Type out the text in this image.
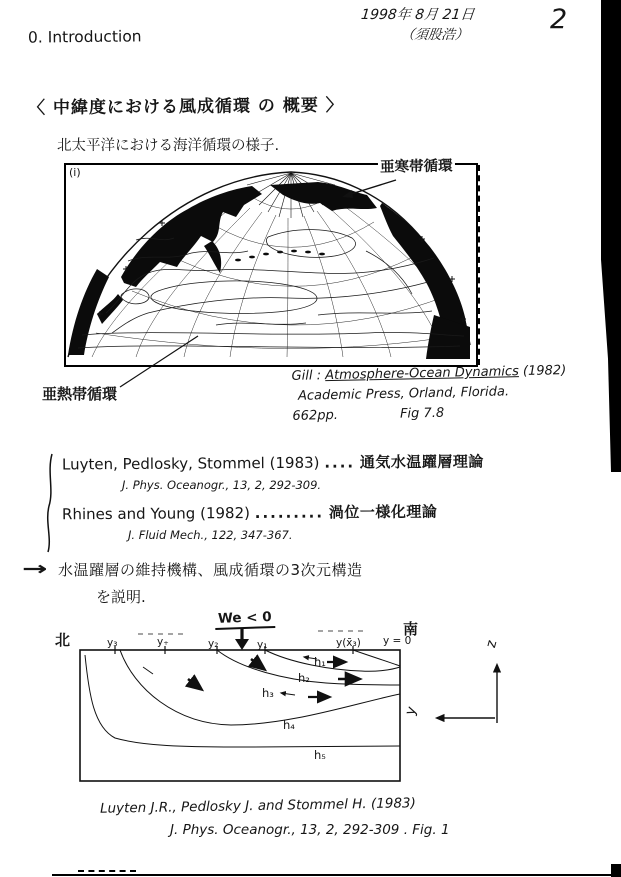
1998年 8月 21日
（須股浩）	2
0. Introduction
〈 中緯度における風成循環 の 概要 〉
北太平洋における海洋循環の様子.
(i)	亜寒帯循環
亜熱帯循環
Gill : Atmosphere-Ocean Dynamics (1982)
Academic Press, Orland, Florida.
662pp.	Fig 7.8
Luyten, Pedlosky, Stommel (1983) .... 通気水温躍層理論
J. Phys. Oceanogr., 13, 2, 292-309.
Rhines and Young (1982) ......... 渦位一様化理論
J. Fluid Mech., 122, 347-367.
→ 水温躍層の維持機構、風成循環の3次元構造
を説明.
北
南
We < 0
y₃	y₊	y₂	y₁	y(x̄₃) y = 0
h₁
h₂
h₃
h₄
h₅
z
y
Luyten J.R., Pedlosky J. and Stommel H. (1983)
J. Phys. Oceanogr., 13, 2, 292-309 . Fig. 1
